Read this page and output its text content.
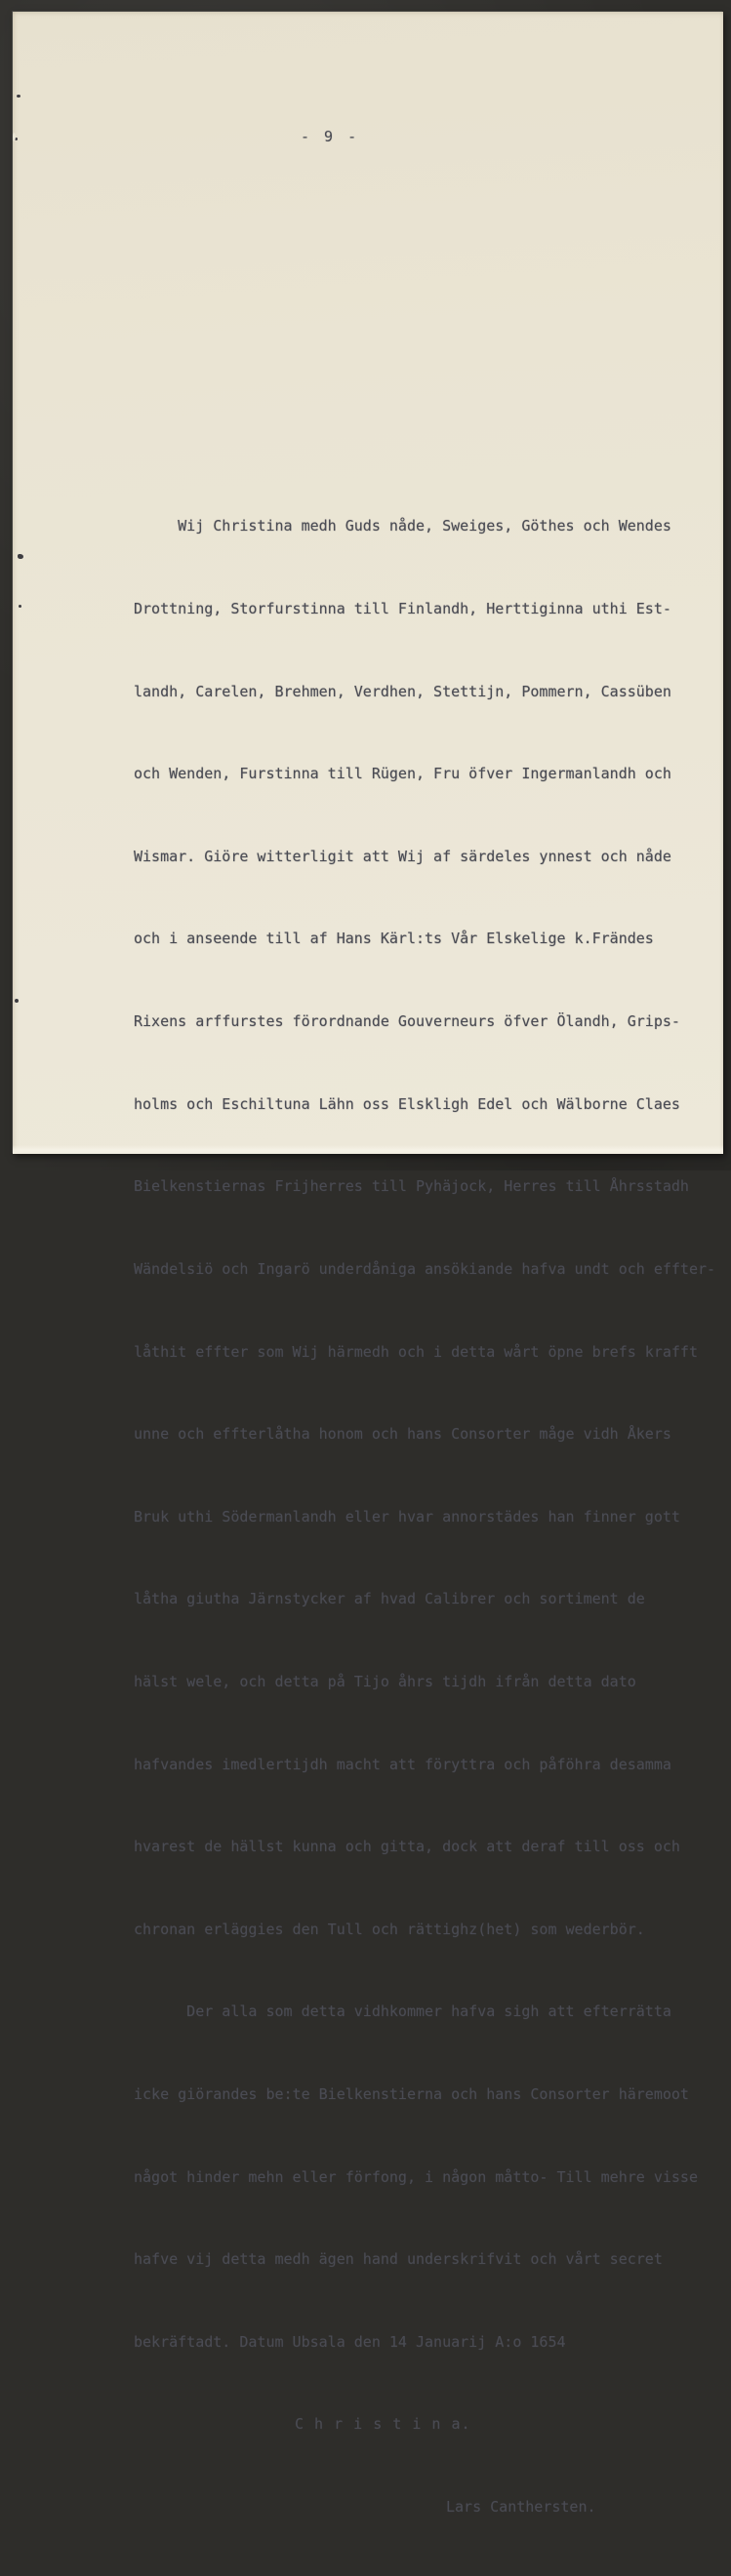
- 9 -

Wij Christina medh Guds nåde, Sweiges, Göthes och Wendes

Drottning, Storfurstinna till Finlandh, Herttiginna uthi Est-

landh, Carelen, Brehmen, Verdhen, Stettijn, Pommern, Cassüben

och Wenden, Furstinna till Rügen, Fru öfver Ingermanlandh och

Wismar. Giöre witterligit att Wij af särdeles ynnest och nåde

och i anseende till af Hans Kärl:ts Vår Elskelige k.Frändes

Rixens arffurstes förordnande Gouverneurs öfver Ölandh, Grips-

holms och Eschiltuna Lähn oss Elskligh Edel och Wälborne Claes

Bielkenstiernas Frijherres till Pyhäjock, Herres till Åhrsstadh

Wändelsiö och Ingarö underdåniga ansökiande hafva undt och effter-

låthit effter som Wij härmedh och i detta wårt öpne brefs krafft

unne och effterlåtha honom och hans Consorter måge vidh Åkers

Bruk uthi Södermanlandh eller hvar annorstädes han finner gott

låtha giutha Järnstycker af hvad Calibrer och sortiment de

hälst wele, och detta på Tijo åhrs tijdh ifrån detta dato

hafvandes imedlertijdh macht att föryttra och påföhra desamma

hvarest de hällst kunna och gitta, dock att deraf till oss och

chronan erläggies den Tull och rättighz(het) som wederbör.

Der alla som detta vidhkommer hafva sigh att efterrätta

icke giörandes be:te Bielkenstierna och hans Consorter häremoot

något hinder mehn eller förfong, i någon måtto- Till mehre visse

hafve vij detta medh ägen hand underskrifvit och vårt secret

bekräftadt. Datum Ubsala den 14 Januarij A:o 1654

C h r i s t i n a.

Lars Canthersten.
